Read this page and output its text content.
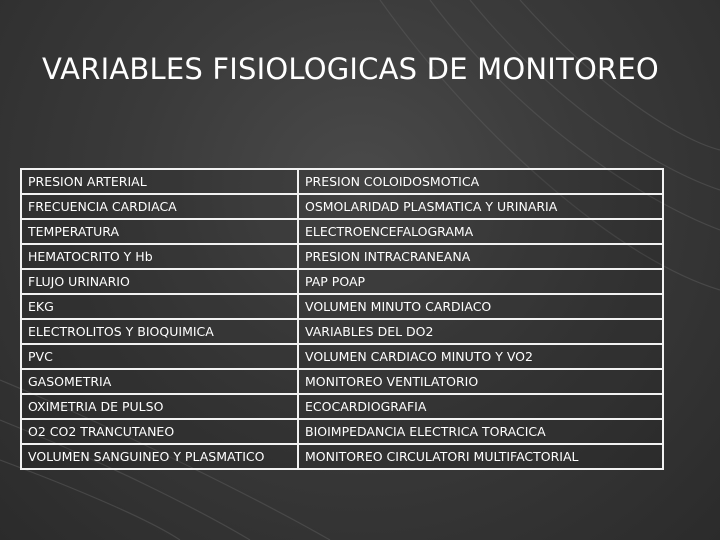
VARIABLES FISIOLOGICAS DE MONITOREO
PRESION ARTERIAL	PRESION COLOIDOSMOTICA
FRECUENCIA CARDIACA	OSMOLARIDAD PLASMATICA Y URINARIA
TEMPERATURA	ELECTROENCEFALOGRAMA
HEMATOCRITO Y Hb	PRESION INTRACRANEANA
FLUJO URINARIO	PAP POAP
EKG	VOLUMEN MINUTO CARDIACO
ELECTROLITOS Y BIOQUIMICA	VARIABLES DEL DO2
PVC	VOLUMEN CARDIACO MINUTO Y VO2
GASOMETRIA	MONITOREO VENTILATORIO
OXIMETRIA DE PULSO	ECOCARDIOGRAFIA
O2 CO2 TRANCUTANEO	BIOIMPEDANCIA ELECTRICA TORACICA
VOLUMEN SANGUINEO Y PLASMATICO	MONITOREO CIRCULATORI MULTIFACTORIAL
